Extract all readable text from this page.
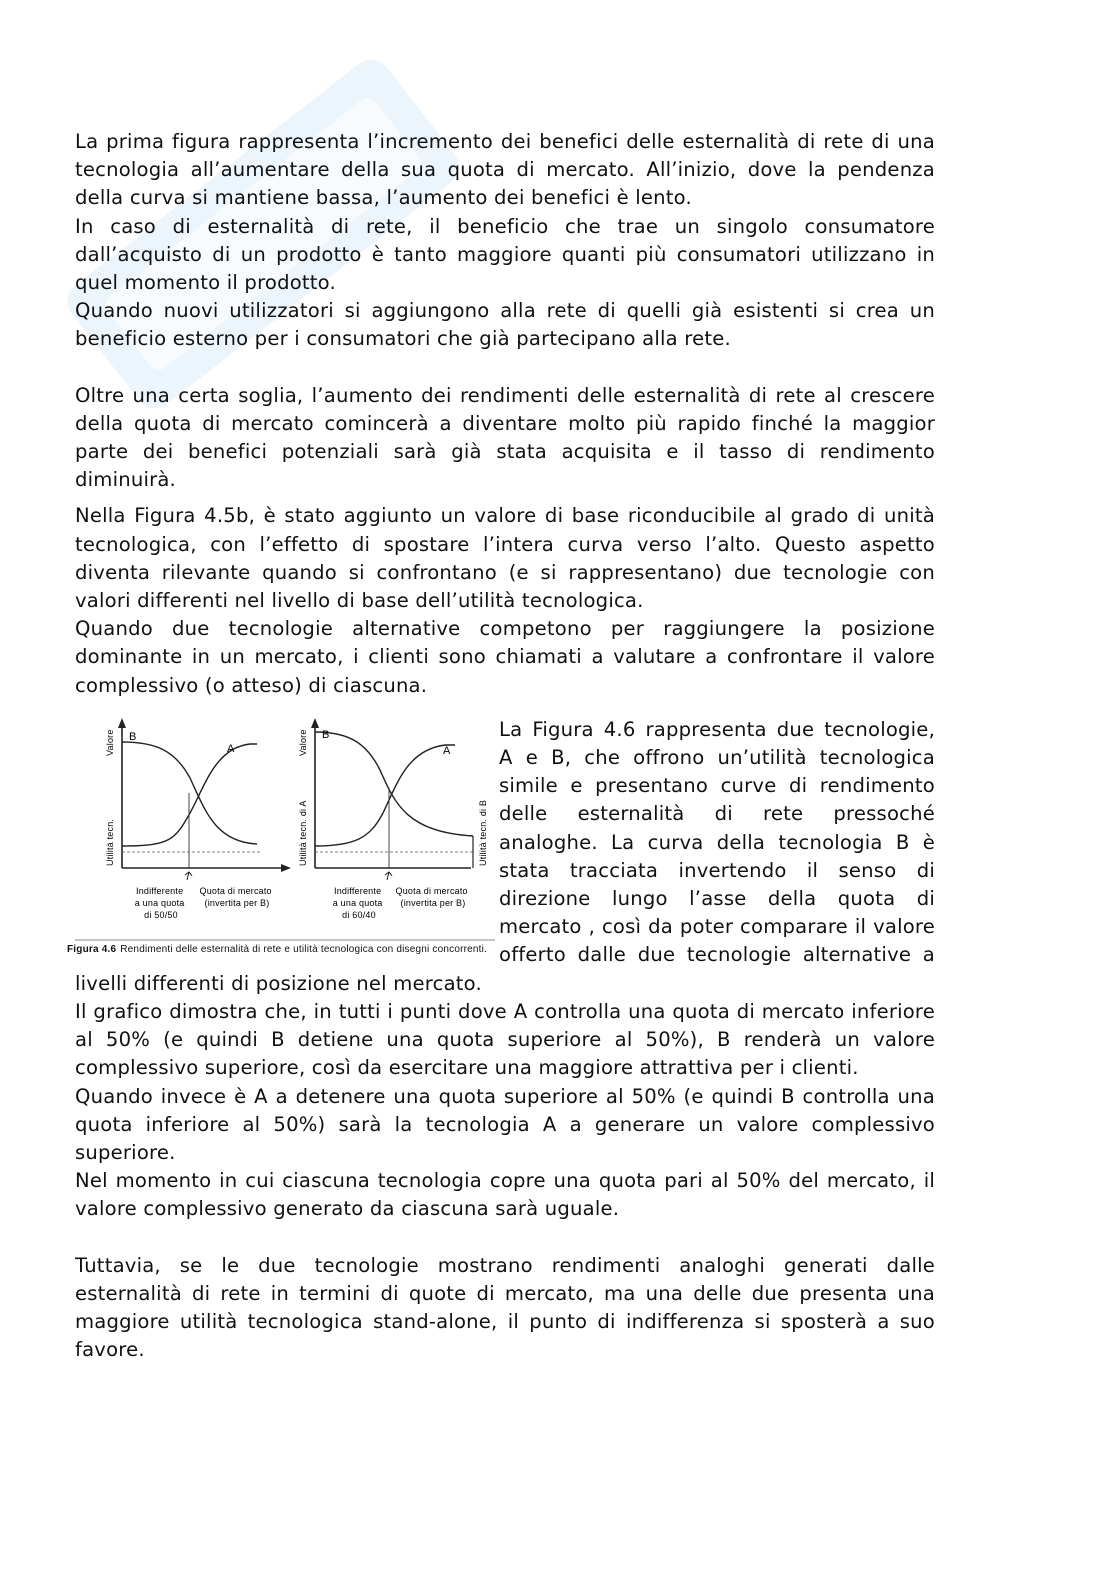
La prima figura rappresenta l’incremento dei benefici delle esternalità di rete di una tecnologia all’aumentare della sua quota di mercato. All’inizio, dove la pendenza della curva si mantiene bassa, l’aumento dei benefici è lento.

In caso di esternalità di rete, il beneficio che trae un singolo consumatore dall’acquisto di un prodotto è tanto maggiore quanti più consumatori utilizzano in quel momento il prodotto.

Quando nuovi utilizzatori si aggiungono alla rete di quelli già esistenti si crea un beneficio esterno per i consumatori che già partecipano alla rete.

Oltre una certa soglia, l’aumento dei rendimenti delle esternalità di rete al crescere della quota di mercato comincerà a diventare molto più rapido finché la maggior parte dei benefici potenziali sarà già stata acquisita e il tasso di rendimento diminuirà.

Nella Figura 4.5b, è stato aggiunto un valore di base riconducibile al grado di unità tecnologica, con l’effetto di spostare l’intera curva verso l’alto. Questo aspetto diventa rilevante quando si confrontano (e si rappresentano) due tecnologie con valori differenti nel livello di base dell’utilità tecnologica.

Quando due tecnologie alternative competono per raggiungere la posizione dominante in un mercato, i clienti sono chiamati a valutare a confrontare il valore complessivo (o atteso) di ciascuna.

B
A
Valore
Utilità tecn.
Indifferente a una quota di 50/50
Quota di mercato (invertita per B)
B
A
Valore
Utilità tecn. di A	Utilità tecn. di B
Indifferente a una quota di 60/40
Quota di mercato (invertita per B)
Figura 4.6 Rendimenti delle esternalità di rete e utilità tecnologica con disegni concorrenti.

La Figura 4.6 rappresenta due tecnologie, A e B, che offrono un’utilità tecnologica simile e presentano curve di rendimento delle esternalità di rete pressoché analoghe. La curva della tecnologia B è stata tracciata invertendo il senso di direzione lungo l’asse della quota di mercato , così da poter comparare il valore offerto dalle due tecnologie alternative a livelli differenti di posizione nel mercato.

Il grafico dimostra che, in tutti i punti dove A controlla una quota di mercato inferiore al 50% (e quindi B detiene una quota superiore al 50%), B renderà un valore complessivo superiore, così da esercitare una maggiore attrattiva per i clienti.

Quando invece è A a detenere una quota superiore al 50% (e quindi B controlla una quota inferiore al 50%) sarà la tecnologia A a generare un valore complessivo superiore.

Nel momento in cui ciascuna tecnologia copre una quota pari al 50% del mercato, il valore complessivo generato da ciascuna sarà uguale.

Tuttavia, se le due tecnologie mostrano rendimenti analoghi generati dalle esternalità di rete in termini di quote di mercato, ma una delle due presenta una maggiore utilità tecnologica stand-alone, il punto di indifferenza si sposterà a suo favore.
